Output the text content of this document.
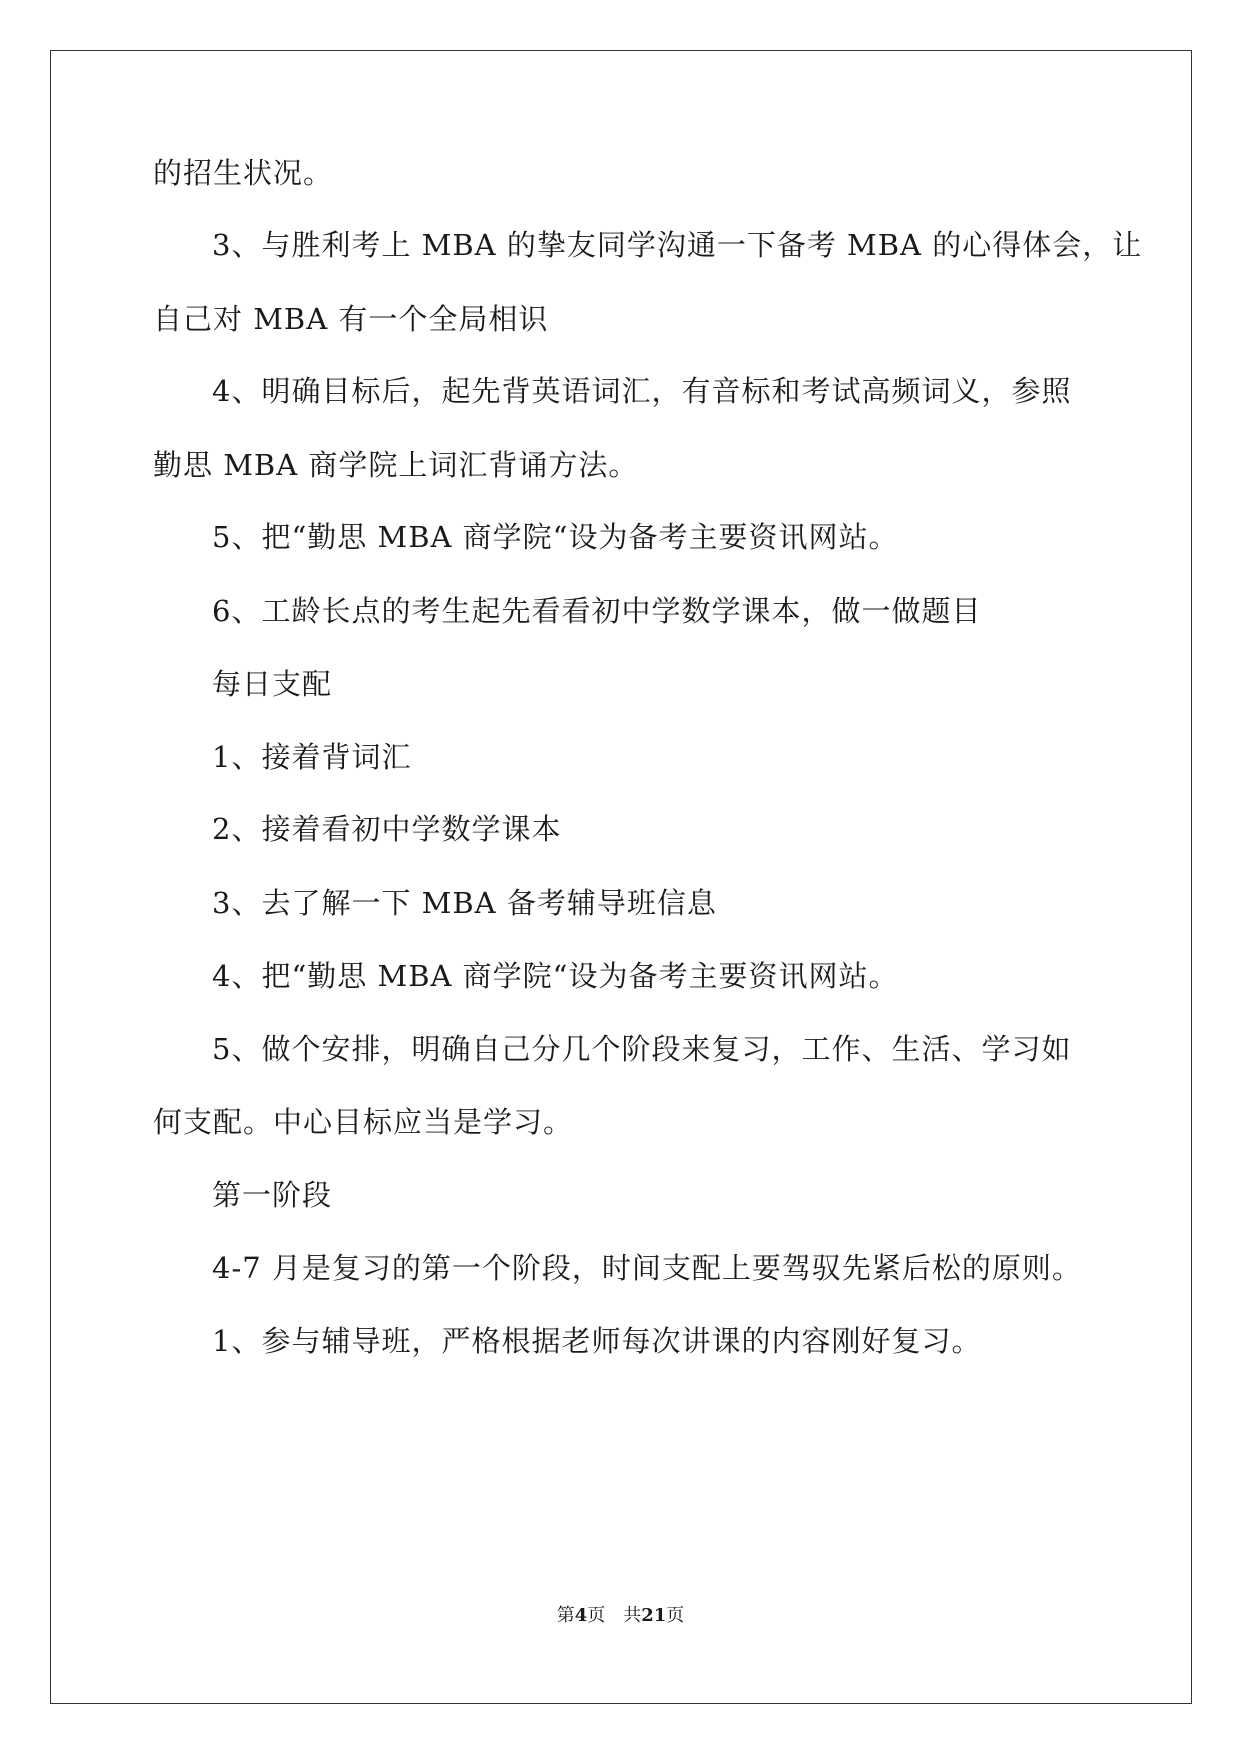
的招生状况。
3、与胜利考上 MBA 的挚友同学沟通一下备考 MBA 的心得体会，让
自己对 MBA 有一个全局相识
4、明确目标后，起先背英语词汇，有音标和考试高频词义，参照
勤思 MBA 商学院上词汇背诵方法。
5、把“勤思 MBA 商学院“设为备考主要资讯网站。
6、工龄长点的考生起先看看初中学数学课本，做一做题目
每日支配
1、接着背词汇
2、接着看初中学数学课本
3、去了解一下 MBA 备考辅导班信息
4、把“勤思 MBA 商学院“设为备考主要资讯网站。
5、做个安排，明确自己分几个阶段来复习，工作、生活、学习如
何支配。中心目标应当是学习。
第一阶段
4-7 月是复习的第一个阶段，时间支配上要驾驭先紧后松的原则。
1、参与辅导班，严格根据老师每次讲课的内容刚好复习。
第4页 共21页
